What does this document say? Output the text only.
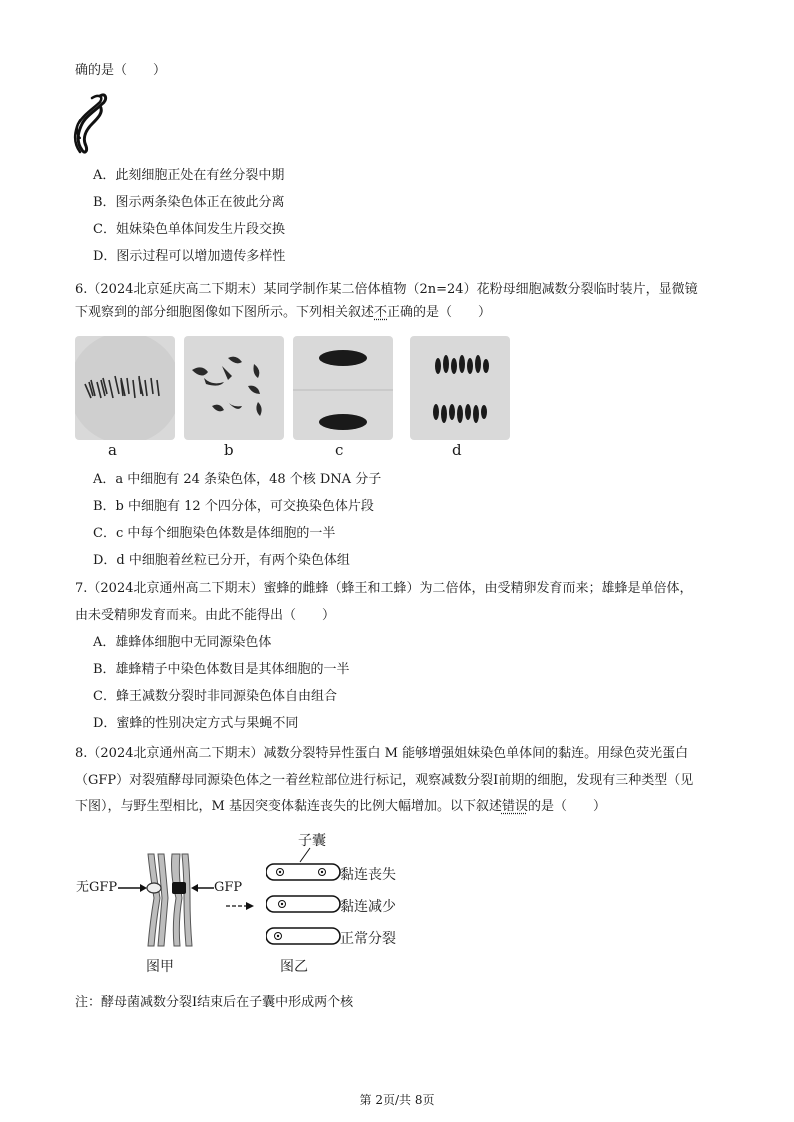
确的是（　　）
A．此刻细胞正处在有丝分裂中期
B．图示两条染色体正在彼此分离
C．姐妹染色单体间发生片段交换
D．图示过程可以增加遗传多样性
6.（2024北京延庆高二下期末）某同学制作某二倍体植物（2n=24）花粉母细胞减数分裂临时装片，显微镜
下观察到的部分细胞图像如下图所示。下列相关叙述不正确的是（　　）
a	b	c	d
A．a 中细胞有 24 条染色体，48 个核 DNA 分子
B．b 中细胞有 12 个四分体，可交换染色体片段
C．c 中每个细胞染色体数是体细胞的一半
D．d 中细胞着丝粒已分开，有两个染色体组
7.（2024北京通州高二下期末）蜜蜂的雌蜂（蜂王和工蜂）为二倍体，由受精卵发育而来；雄蜂是单倍体，
由未受精卵发育而来。由此不能得出（　　）
A．雄蜂体细胞中无同源染色体
B．雄蜂精子中染色体数目是其体细胞的一半
C．蜂王减数分裂时非同源染色体自由组合
D．蜜蜂的性别决定方式与果蝇不同
8.（2024北京通州高二下期末）减数分裂特异性蛋白 M 能够增强姐妹染色单体间的黏连。用绿色荧光蛋白
（GFP）对裂殖酵母同源染色体之一着丝粒部位进行标记，观察减数分裂Ⅰ前期的细胞，发现有三种类型（见
下图），与野生型相比，M 基因突变体黏连丧失的比例大幅增加。以下叙述错误的是（　　）
无GFP	GFP
子囊
黏连丧失
黏连减少
正常分裂
图甲	图乙
注：酵母菌减数分裂Ⅰ结束后在子囊中形成两个核
第 2页/共 8页
